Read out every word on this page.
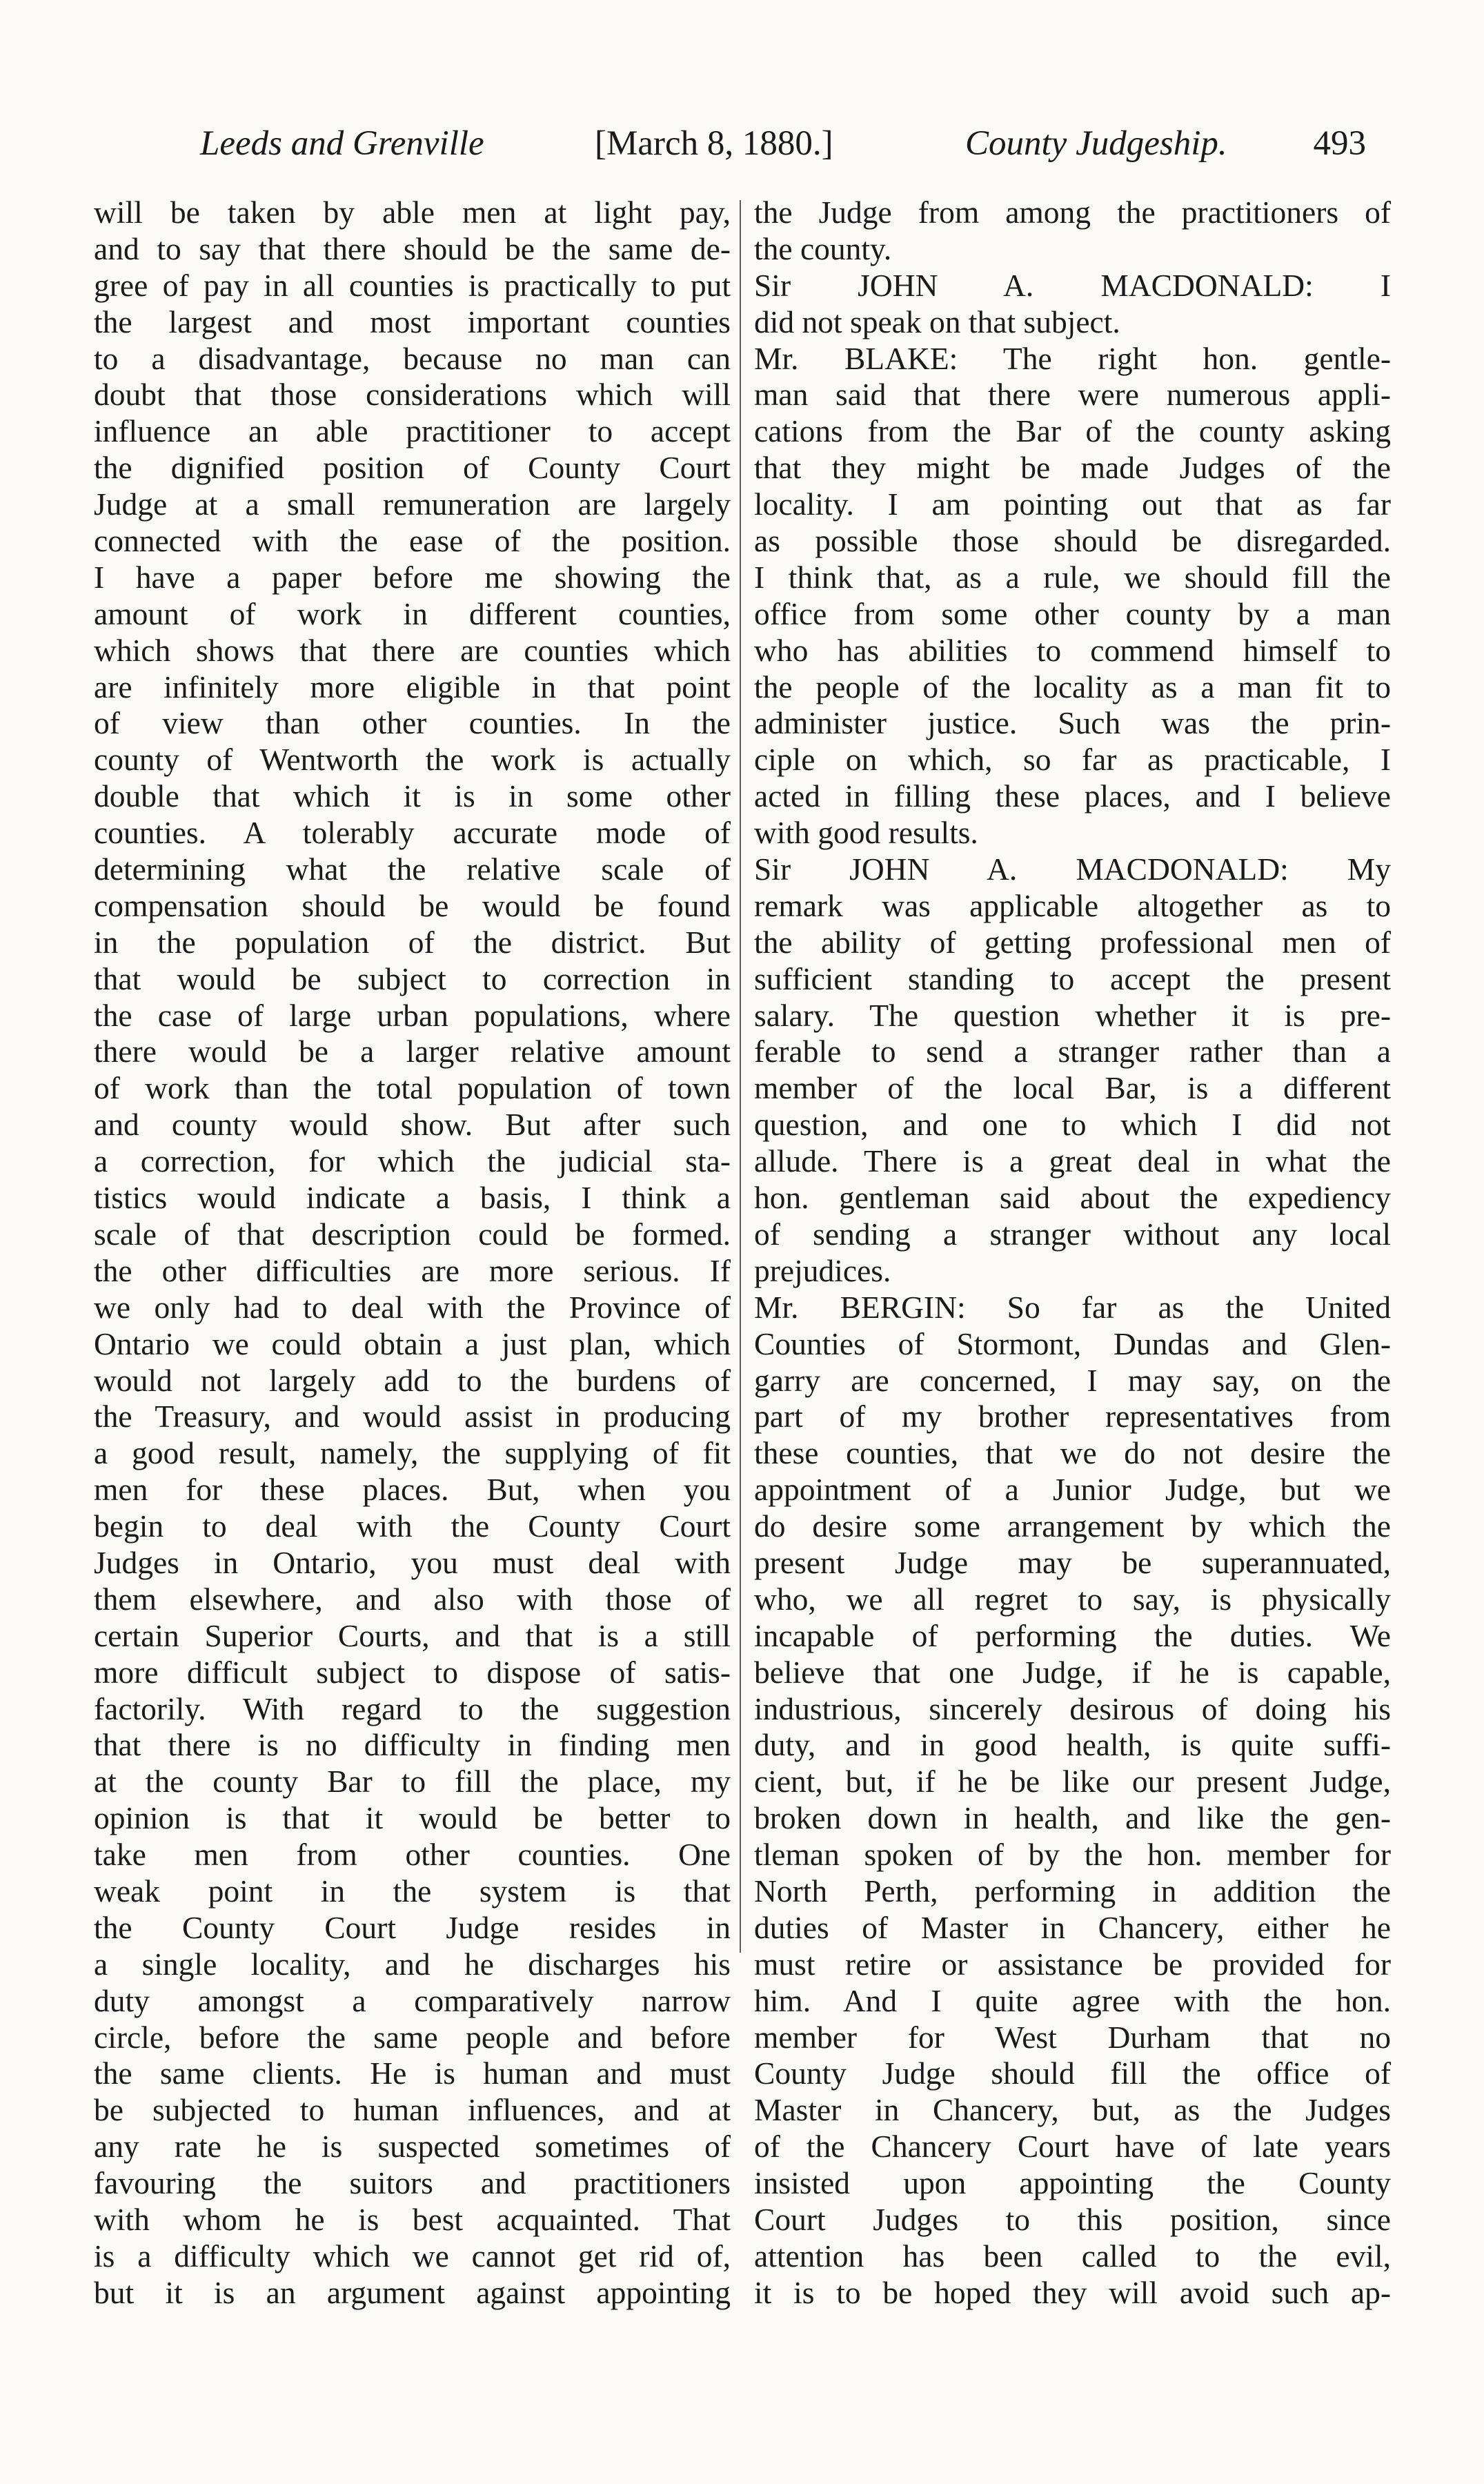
Leeds and Grenville	[March 8, 1880.]	County Judgeship. 493
will be taken by able men at light pay,
and to say that there should be the same de-
gree of pay in all counties is practically to put
the largest and most important counties
to a disadvantage, because no man can
doubt that those considerations which will
influence an able practitioner to accept
the dignified position of County Court
Judge at a small remuneration are largely
connected with the ease of the position.
I have a paper before me showing the
amount of work in different counties,
which shows that there are counties which
are infinitely more eligible in that point
of view than other counties. In the
county of Wentworth the work is actually
double that which it is in some other
counties. A tolerably accurate mode of
determining what the relative scale of
compensation should be would be found
in the population of the district. But
that would be subject to correction in
the case of large urban populations, where
there would be a larger relative amount
of work than the total population of town
and county would show. But after such
a correction, for which the judicial sta-
tistics would indicate a basis, I think a
scale of that description could be formed.
the other difficulties are more serious. If
we only had to deal with the Province of
Ontario we could obtain a just plan, which
would not largely add to the burdens of
the Treasury, and would assist in producing
a good result, namely, the supplying of fit
men for these places. But, when you
begin to deal with the County Court
Judges in Ontario, you must deal with
them elsewhere, and also with those of
certain Superior Courts, and that is a still
more difficult subject to dispose of satis-
factorily. With regard to the suggestion
that there is no difficulty in finding men
at the county Bar to fill the place, my
opinion is that it would be better to
take men from other counties. One
weak point in the system is that
the County Court Judge resides in
a single locality, and he discharges his
duty amongst a comparatively narrow
circle, before the same people and before
the same clients. He is human and must
be subjected to human influences, and at
any rate he is suspected sometimes of
favouring the suitors and practitioners
with whom he is best acquainted. That
is a difficulty which we cannot get rid of,
but it is an argument against appointing
the Judge from among the practitioners of
the county.
Sir JOHN A. MACDONALD: I
did not speak on that subject.
Mr. BLAKE: The right hon. gentle-
man said that there were numerous appli-
cations from the Bar of the county asking
that they might be made Judges of the
locality. I am pointing out that as far
as possible those should be disregarded.
I think that, as a rule, we should fill the
office from some other county by a man
who has abilities to commend himself to
the people of the locality as a man fit to
administer justice. Such was the prin-
ciple on which, so far as practicable, I
acted in filling these places, and I believe
with good results.
Sir JOHN A. MACDONALD: My
remark was applicable altogether as to
the ability of getting professional men of
sufficient standing to accept the present
salary. The question whether it is pre-
ferable to send a stranger rather than a
member of the local Bar, is a different
question, and one to which I did not
allude. There is a great deal in what the
hon. gentleman said about the expediency
of sending a stranger without any local
prejudices.
Mr. BERGIN: So far as the United
Counties of Stormont, Dundas and Glen-
garry are concerned, I may say, on the
part of my brother representatives from
these counties, that we do not desire the
appointment of a Junior Judge, but we
do desire some arrangement by which the
present Judge may be superannuated,
who, we all regret to say, is physically
incapable of performing the duties. We
believe that one Judge, if he is capable,
industrious, sincerely desirous of doing his
duty, and in good health, is quite suffi-
cient, but, if he be like our present Judge,
broken down in health, and like the gen-
tleman spoken of by the hon. member for
North Perth, performing in addition the
duties of Master in Chancery, either he
must retire or assistance be provided for
him. And I quite agree with the hon.
member for West Durham that no
County Judge should fill the office of
Master in Chancery, but, as the Judges
of the Chancery Court have of late years
insisted upon appointing the County
Court Judges to this position, since
attention has been called to the evil,
it is to be hoped they will avoid such ap-
